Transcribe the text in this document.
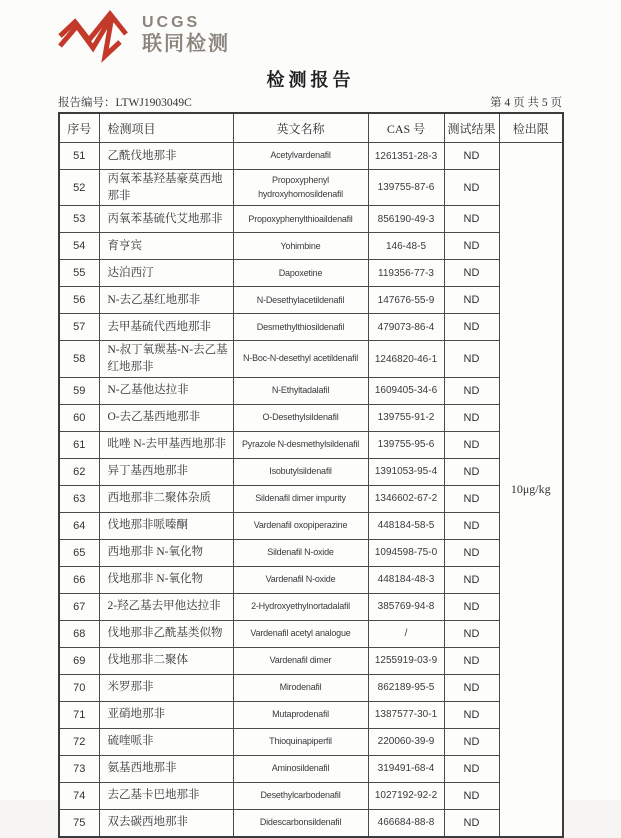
UCGS
联同检测
检测报告
报告编号：LTWJ1903049C	第 4 页 共 5 页
序号	检测项目	英文名称	CAS 号	测试结果	检出限
51	乙酰伐地那非	Acetylvardenafil	1261351-28-3	ND	10μg/kg
52	丙氧苯基羟基豪莫西地那非	Propoxyphenyl hydroxyhomosildenafil	139755-87-6	ND	
53	丙氧苯基硫代艾地那非	Propoxyphenylthioaildenafil	856190-49-3	ND	
54	育亨宾	Yohimbine	146-48-5	ND	
55	达泊西汀	Dapoxetine	119356-77-3	ND	
56	N-去乙基红地那非	N-Desethylacetildenafil	147676-55-9	ND	
57	去甲基硫代西地那非	Desmethylthiosildenafil	479073-86-4	ND	
58	N-叔丁氧羰基-N-去乙基红地那非	N-Boc-N-desethyl acetildenafil	1246820-46-1	ND	
59	N-乙基他达拉非	N-Ethyltadalafil	1609405-34-6	ND	
60	O-去乙基西地那非	O-Desethylsildenafil	139755-91-2	ND	
61	吡唑 N-去甲基西地那非	Pyrazole N-desmethylsildenafil	139755-95-6	ND	
62	异丁基西地那非	Isobutylsildenafil	1391053-95-4	ND	
63	西地那非二聚体杂质	Sildenafil dimer impurity	1346602-67-2	ND	
64	伐地那非哌嗪酮	Vardenafil oxopiperazine	448184-58-5	ND	
65	西地那非 N-氧化物	Sildenafil N-oxide	1094598-75-0	ND	
66	伐地那非 N-氧化物	Vardenafil N-oxide	448184-48-3	ND	
67	2-羟乙基去甲他达拉非	2-Hydroxyethylnortadalafil	385769-94-8	ND	
68	伐地那非乙酰基类似物	Vardenafil acetyl analogue	/	ND	
69	伐地那非二聚体	Vardenafil dimer	1255919-03-9	ND	
70	米罗那非	Mirodenafil	862189-95-5	ND	
71	亚硝地那非	Mutaprodenafil	1387577-30-1	ND	
72	硫喹哌非	Thioquinapiperfil	220060-39-9	ND	
73	氨基西地那非	Aminosildenafil	319491-68-4	ND	
74	去乙基卡巴地那非	Desethylcarbodenafil	1027192-92-2	ND	
75	双去碳西地那非	Didescarbonsildenafil	466684-88-8	ND	
